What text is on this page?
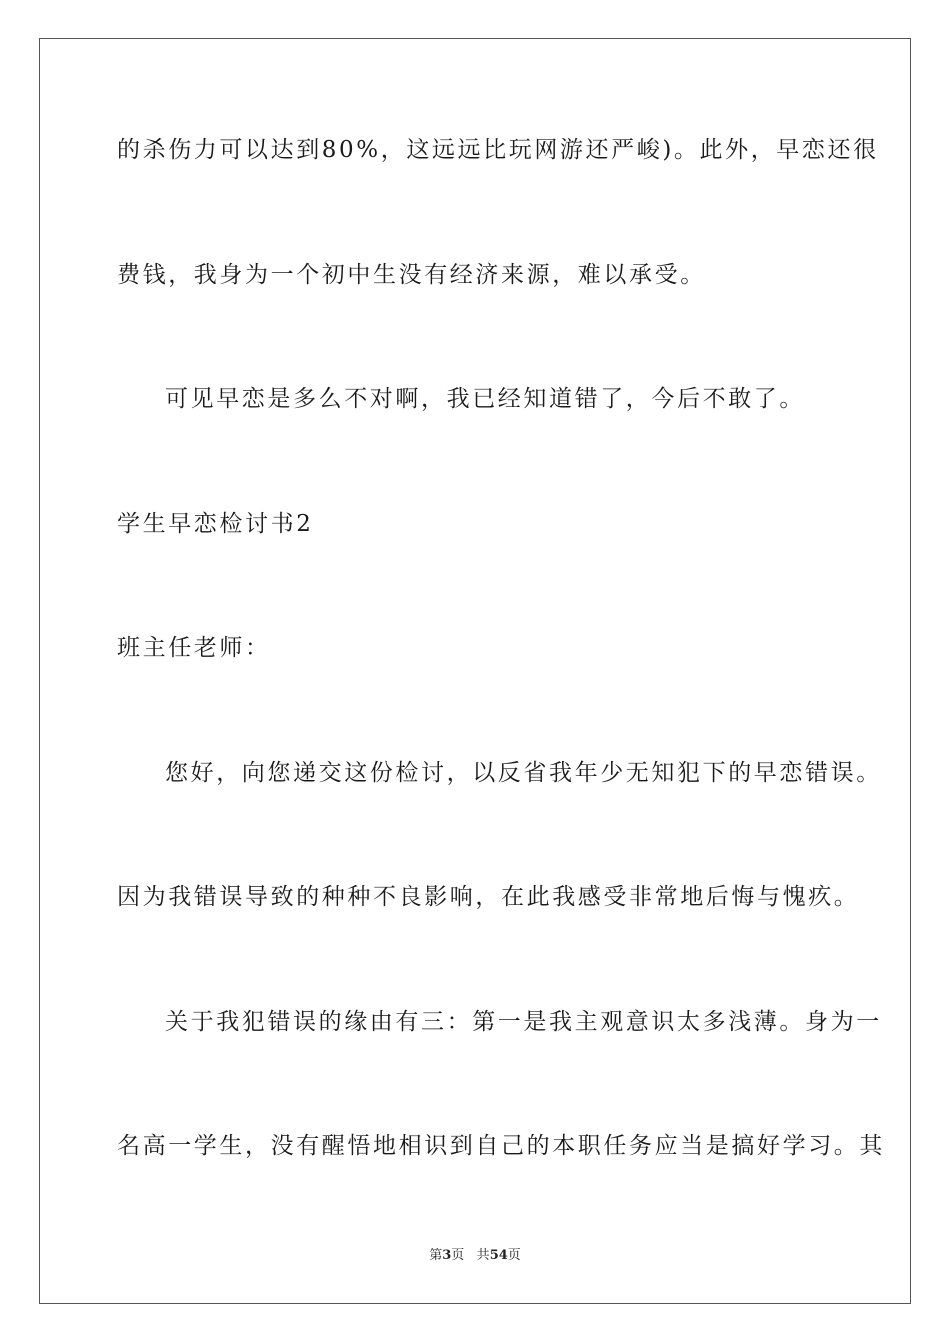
的杀伤力可以达到80%，这远远比玩网游还严峻)。此外，早恋还很
费钱，我身为一个初中生没有经济来源，难以承受。
可见早恋是多么不对啊，我已经知道错了，今后不敢了。
学生早恋检讨书2
班主任老师：
您好，向您递交这份检讨，以反省我年少无知犯下的早恋错误。
因为我错误导致的种种不良影响，在此我感受非常地后悔与愧疚。
关于我犯错误的缘由有三：第一是我主观意识太多浅薄。身为一
名高一学生，没有醒悟地相识到自己的本职任务应当是搞好学习。其
第3页 共54页
